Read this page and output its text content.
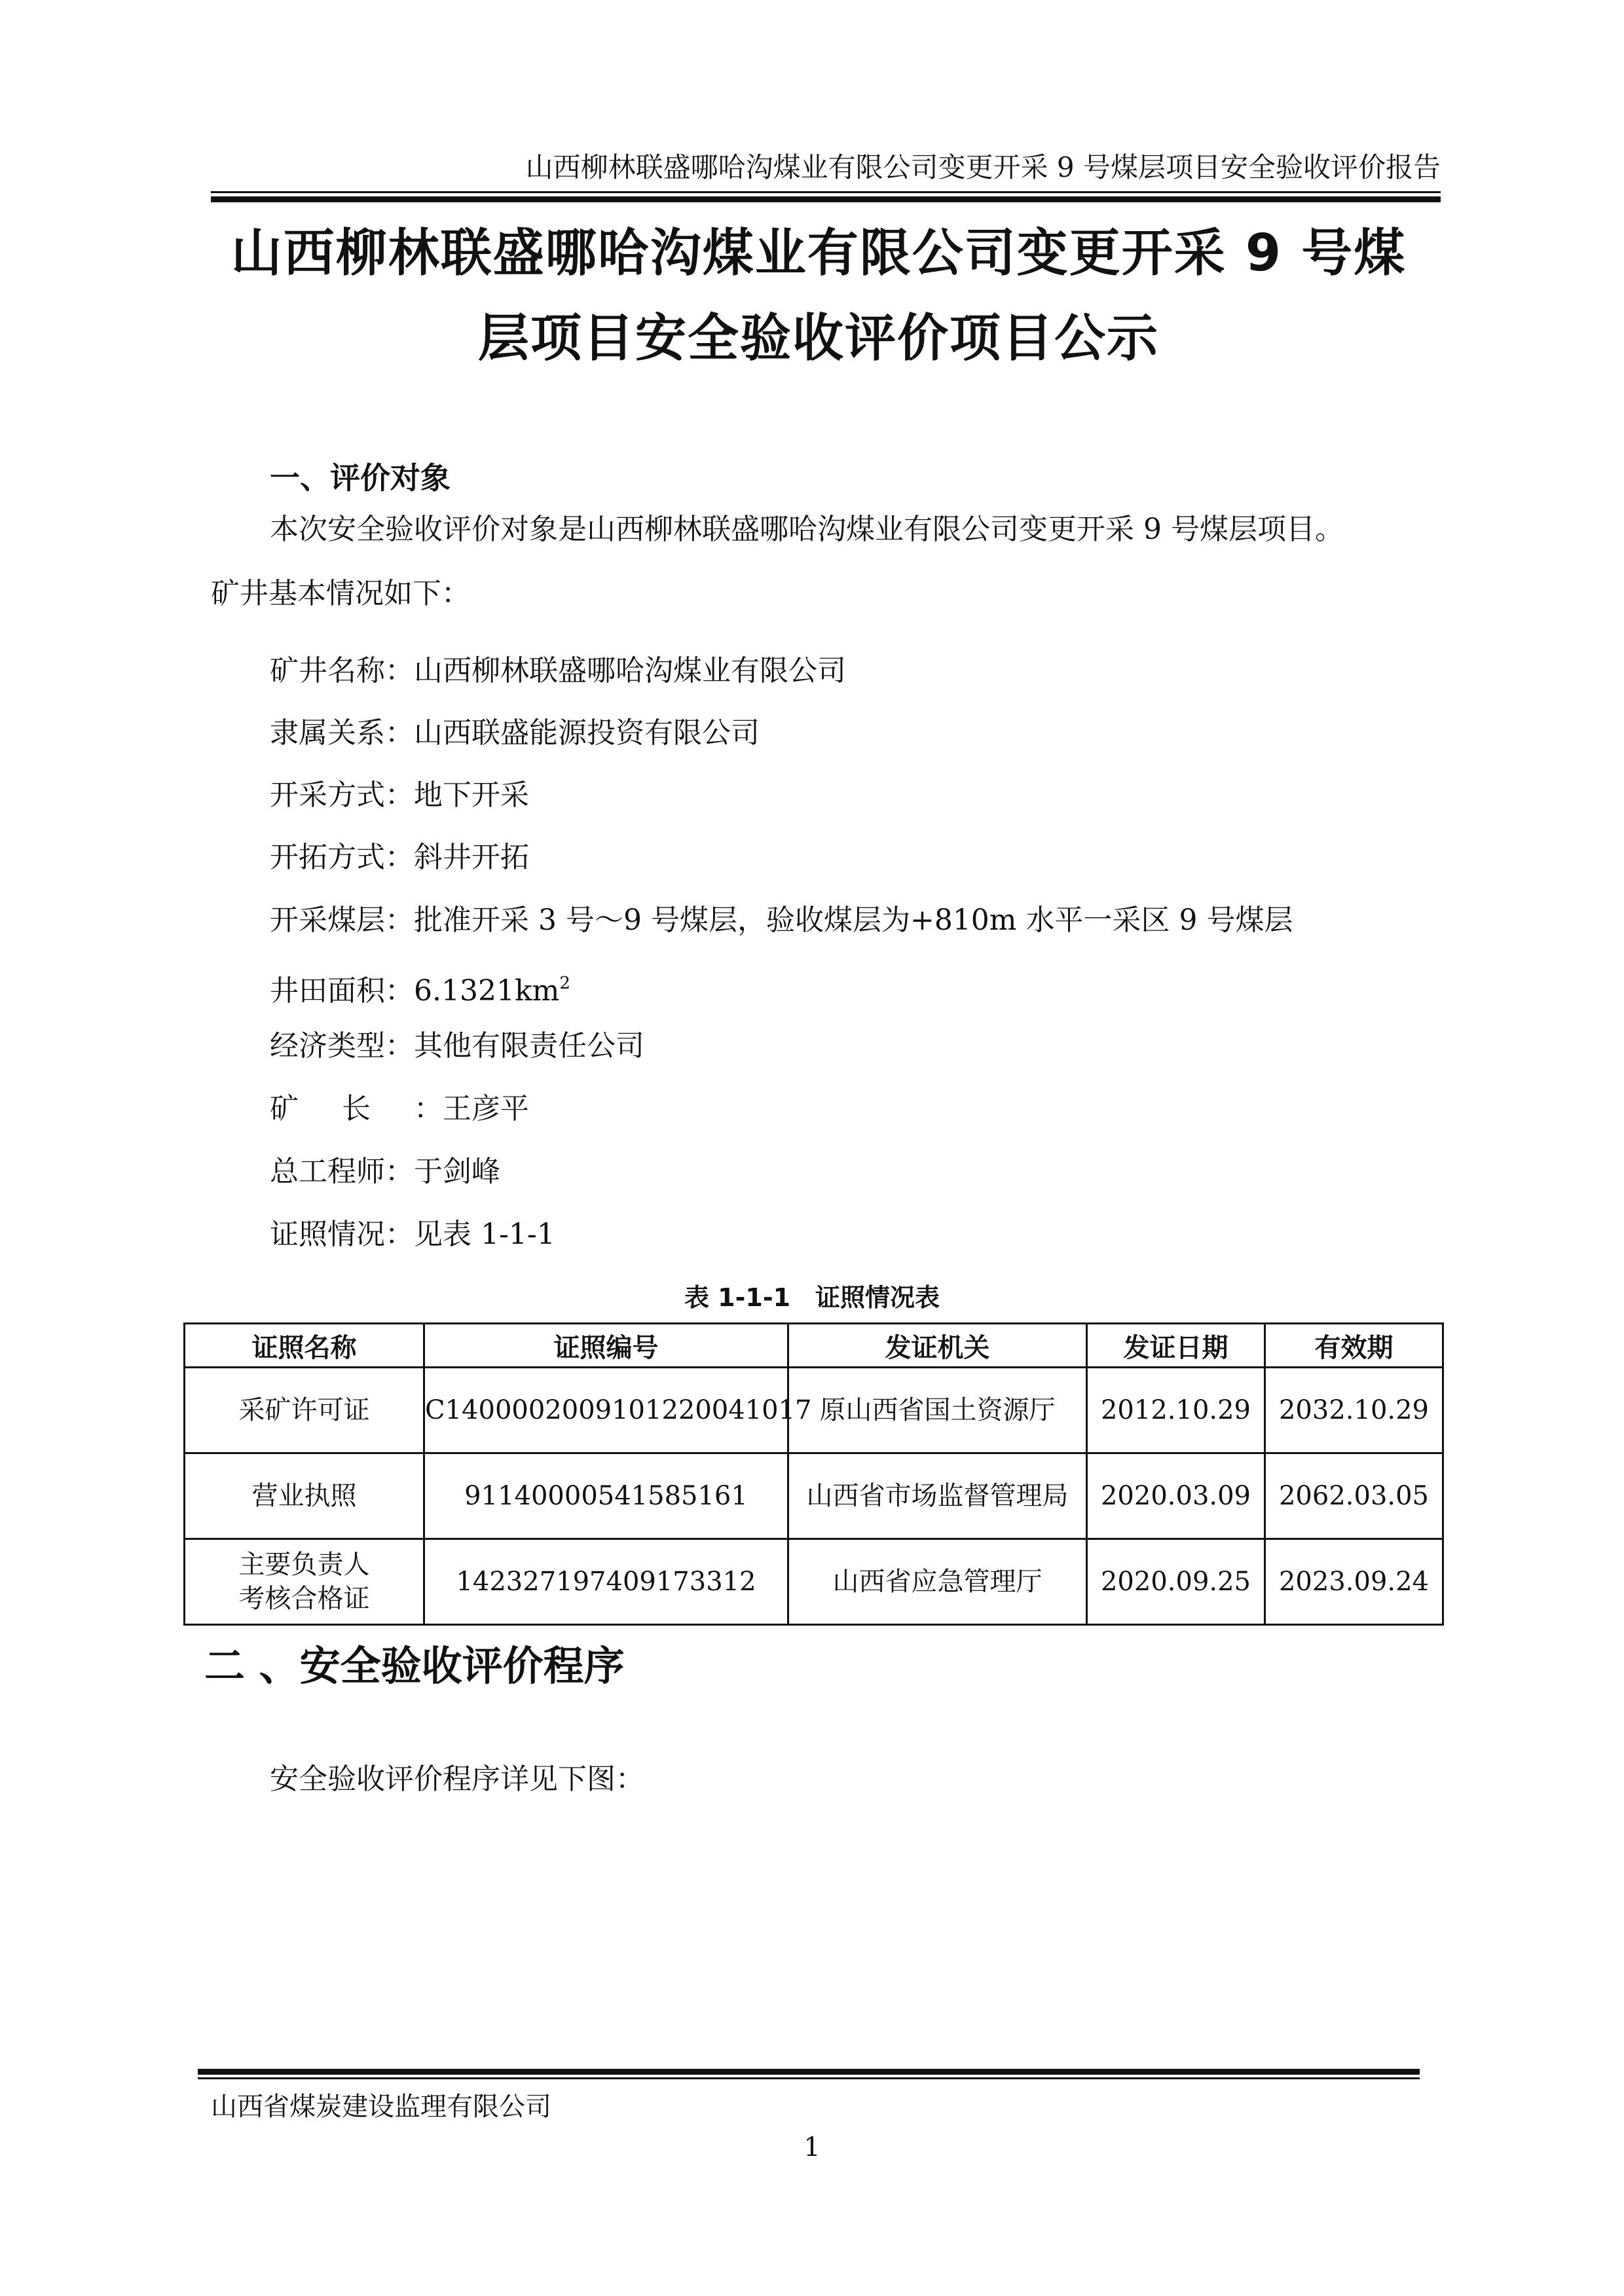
山西柳林联盛哪哈沟煤业有限公司变更开采 9 号煤层项目安全验收评价报告
山西柳林联盛哪哈沟煤业有限公司变更开采 9 号煤
层项目安全验收评价项目公示
一、评价对象
本次安全验收评价对象是山西柳林联盛哪哈沟煤业有限公司变更开采 9 号煤层项目。
矿井基本情况如下：
矿井名称：山西柳林联盛哪哈沟煤业有限公司
隶属关系：山西联盛能源投资有限公司
开采方式：地下开采
开拓方式：斜井开拓
开采煤层：批准开采 3 号～9 号煤层，验收煤层为+810m 水平一采区 9 号煤层
井田面积：$6.1321km^2$
经济类型：其他有限责任公司
矿长：王彦平
总工程师：于剑峰
证照情况：见表 1-1-1
表 1-1-1　证照情况表
证照名称	证照编号	发证机关	发证日期	有效期
采矿许可证	C1400002009101220041017	原山西省国土资源厅	2012.10.29	2032.10.29
营业执照	91140000541585161	山西省市场监督管理局	2020.03.09	2062.03.05

主要负责人
考核合格证	142327197409173312	山西省应急管理厅	2020.09.25	2023.09.24
二 、安全验收评价程序
安全验收评价程序详见下图：
山西省煤炭建设监理有限公司
1
